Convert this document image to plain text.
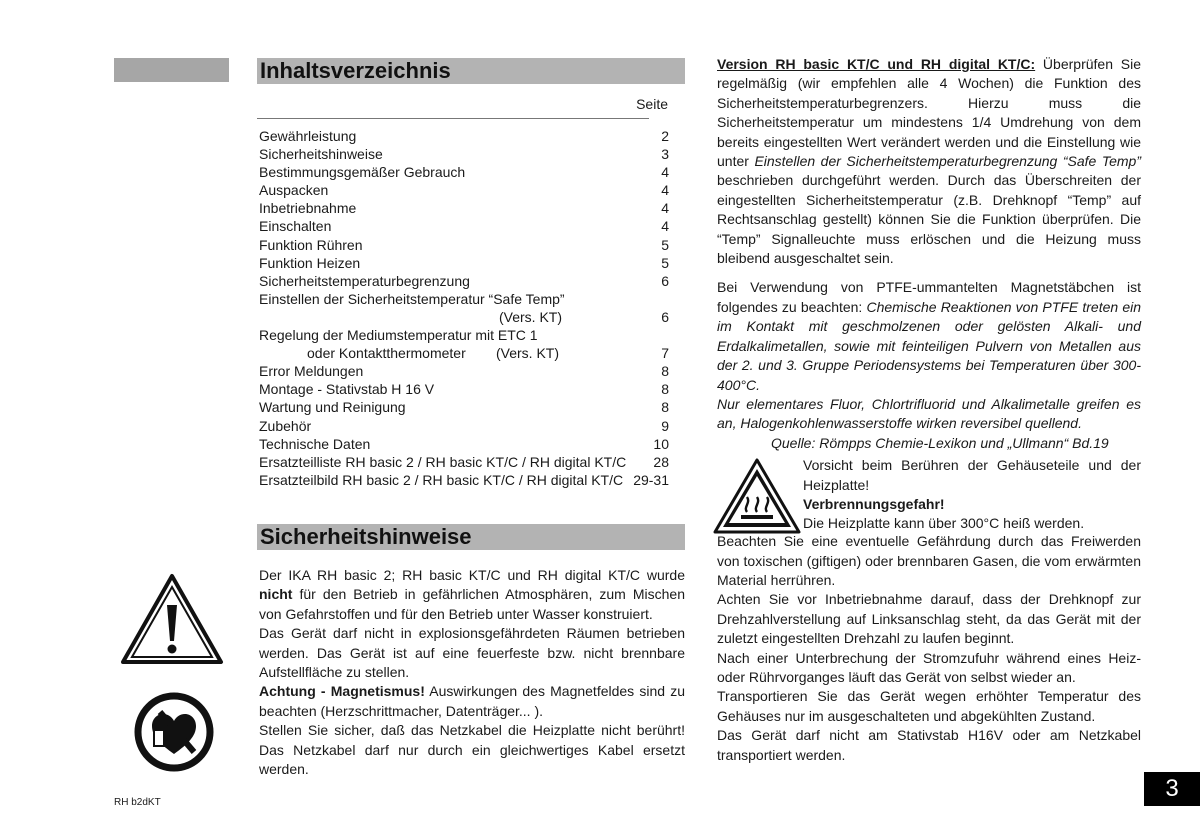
Inhaltsverzeichnis
Seite
Gewährleistung	2
Sicherheitshinweise	3
Bestimmungsgemäßer Gebrauch	4
Auspacken	4
Inbetriebnahme	4
Einschalten	4
Funktion Rühren	5
Funktion Heizen	5
Sicherheitstemperaturbegrenzung	6
Einstellen der Sicherheitstemperatur “Safe Temp”
(Vers. KT)	6
Regelung der Mediumstemperatur mit ETC 1
oder Kontaktthermometer (Vers. KT)	7
Error Meldungen	8
Montage - Stativstab H 16 V	8
Wartung und Reinigung	8
Zubehör	9
Technische Daten	10
Ersatzteilliste RH basic 2 / RH basic KT/C / RH digital KT/C 28
Ersatzteilbild RH basic 2 / RH basic KT/C / RH digital KT/C 29-31
Sicherheitshinweise

Der IKA RH basic 2; RH basic KT/C und RH digital KT/C wurde nicht für den Betrieb in gefährlichen Atmosphären, zum Mischen von Gefahrstoffen und für den Betrieb unter Wasser konstruiert.

Das Gerät darf nicht in explosionsgefährdeten Räumen betrieben werden. Das Gerät ist auf eine feuerfeste bzw. nicht brennbare Aufstellfläche zu stellen.

Achtung - Magnetismus! Auswirkungen des Magnetfeldes sind zu beachten (Herzschrittmacher, Datenträger... ).

Stellen Sie sicher, daß das Netzkabel die Heizplatte nicht berührt! Das Netzkabel darf nur durch ein gleichwertiges Kabel ersetzt werden.

Version RH basic KT/C und RH digital KT/C: Überprüfen Sie regelmäßig (wir empfehlen alle 4 Wochen) die Funktion des Sicherheitstemperaturbegrenzers. Hierzu muss die Sicherheitstemperatur um mindestens 1/4 Umdrehung von dem bereits eingestellten Wert verändert werden und die Einstellung wie unter Einstellen der Sicherheitstemperaturbegrenzung “Safe Temp” beschrieben durchgeführt werden. Durch das Überschreiten der eingestellten Sicherheitstemperatur (z.B. Drehknopf “Temp” auf Rechtsanschlag gestellt) können Sie die Funktion überprüfen. Die “Temp” Signalleuchte muss erlöschen und die Heizung muss bleibend ausgeschaltet sein.

Bei Verwendung von PTFE-ummantelten Magnetstäbchen ist folgendes zu beachten: Chemische Reaktionen von PTFE treten ein im Kontakt mit geschmolzenen oder gelösten Alkali- und Erdalkalimetallen, sowie mit feinteiligen Pulvern von Metallen aus der 2. und 3. Gruppe Periodensystems bei Temperaturen über 300-400°C.

Nur elementares Fluor, Chlortrifluorid und Alkalimetalle greifen es an, Halogenkohlenwasserstoffe wirken reversibel quellend.

Quelle: Römpps Chemie-Lexikon und „Ullmann“ Bd.19

Vorsicht beim Berühren der Gehäuseteile und der Heizplatte!

Verbrennungsgefahr!

Die Heizplatte kann über 300°C heiß werden.

Beachten Sie eine eventuelle Gefährdung durch das Freiwerden von toxischen (giftigen) oder brennbaren Gasen, die vom erwärmten Material herrühren.

Achten Sie vor Inbetriebnahme darauf, dass der Drehknopf zur Drehzahlverstellung auf Linksanschlag steht, da das Gerät mit der zuletzt eingestellten Drehzahl zu laufen beginnt.

Nach einer Unterbrechung der Stromzufuhr während eines Heiz- oder Rührvorganges läuft das Gerät von selbst wieder an.

Transportieren Sie das Gerät wegen erhöhter Temperatur des Gehäuses nur im ausgeschalteten und abgekühlten Zustand.

Das Gerät darf nicht am Stativstab H16V oder am Netzkabel transportiert werden.

RH b2dKT
3
